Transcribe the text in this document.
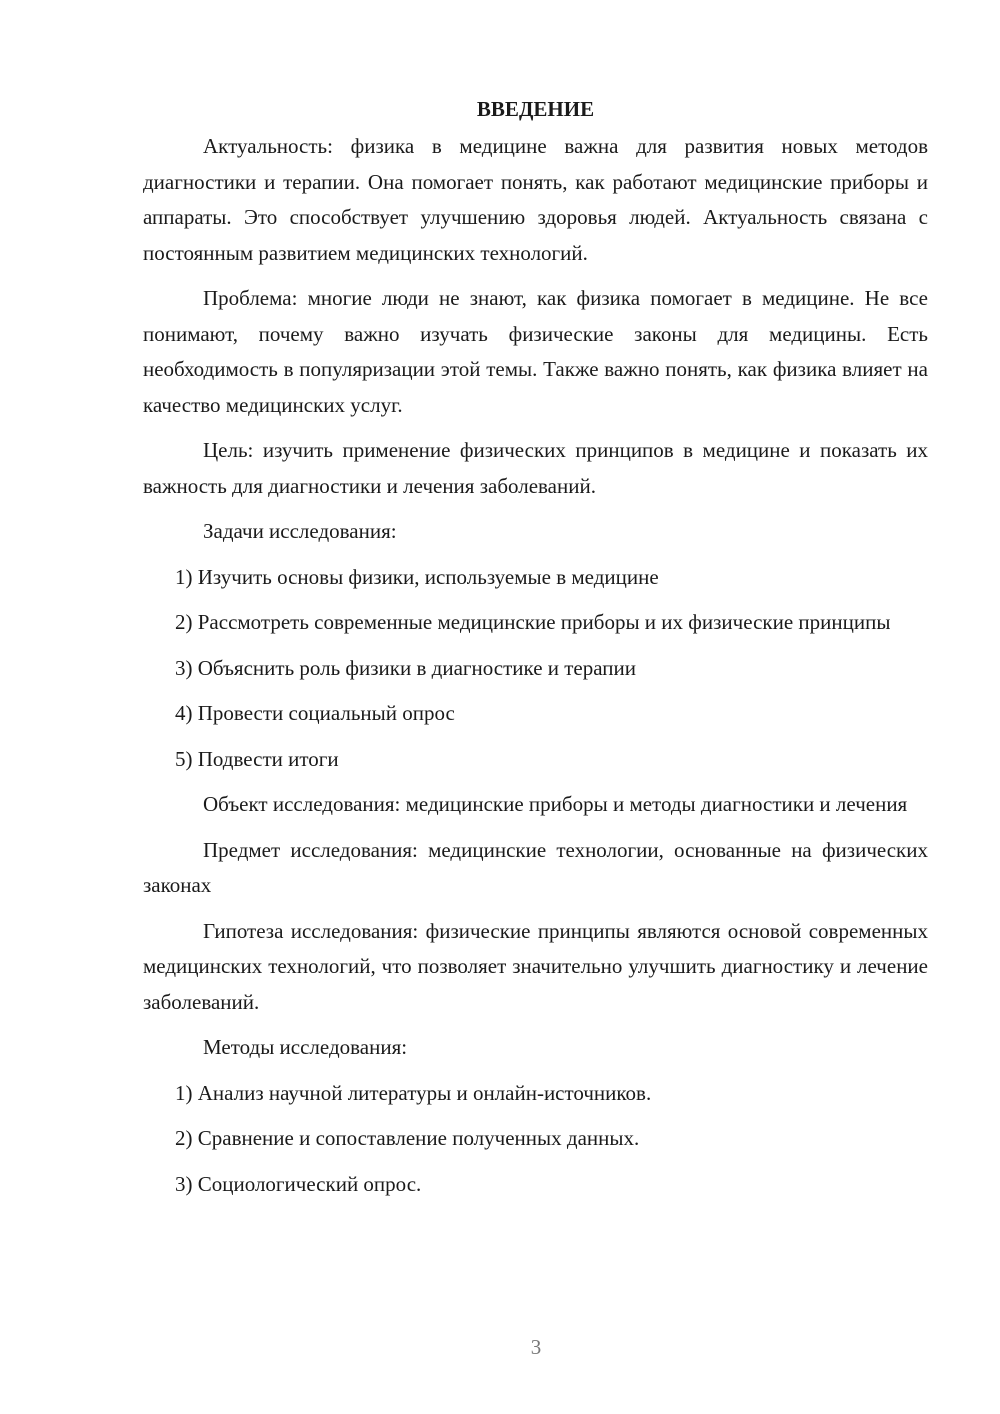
ВВЕДЕНИЕ

Актуальность: физика в медицине важна для развития новых методов диагностики и терапии. Она помогает понять, как работают медицинские приборы и аппараты. Это способствует улучшению здоровья людей. Актуальность связана с постоянным развитием медицинских технологий.

Проблема: многие люди не знают, как физика помогает в медицине. Не все понимают, почему важно изучать физические законы для медицины. Есть необходимость в популяризации этой темы. Также важно понять, как физика влияет на качество медицинских услуг.

Цель: изучить применение физических принципов в медицине и показать их важность для диагностики и лечения заболеваний.

Задачи исследования:

1) Изучить основы физики, используемые в медицине

2) Рассмотреть современные медицинские приборы и их физические принципы

3) Объяснить роль физики в диагностике и терапии

4) Провести социальный опрос

5) Подвести итоги

Объект исследования: медицинские приборы и методы диагностики и лечения

Предмет исследования: медицинские технологии, основанные на физических законах

Гипотеза исследования: физические принципы являются основой современных медицинских технологий, что позволяет значительно улучшить диагностику и лечение заболеваний.

Методы исследования:

1) Анализ научной литературы и онлайн-источников.

2) Сравнение и сопоставление полученных данных.

3) Социологический опрос.

3
